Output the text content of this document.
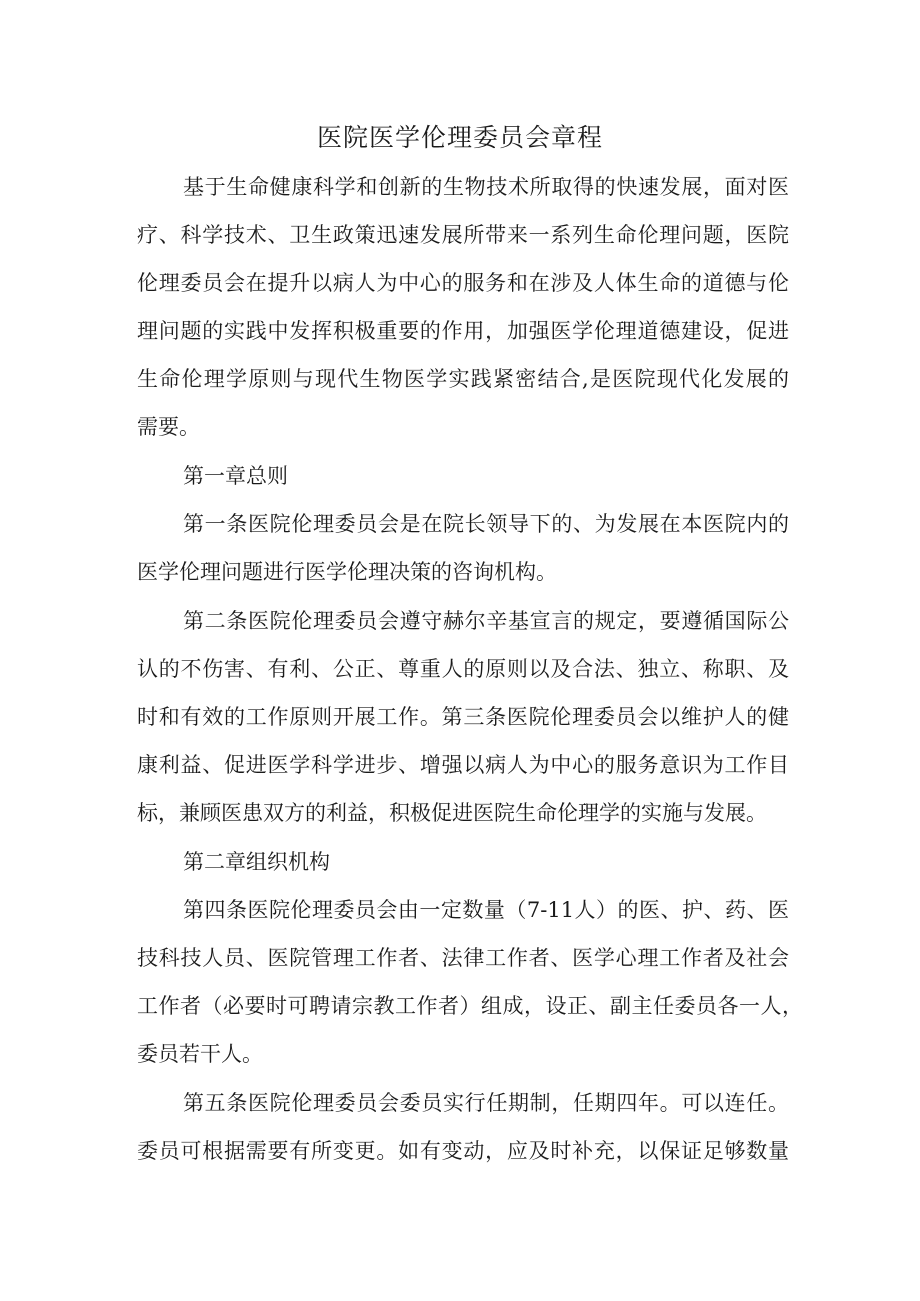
医院医学伦理委员会章程
基于生命健康科学和创新的生物技术所取得的快速发展，面对医
疗、科学技术、卫生政策迅速发展所带来一系列生命伦理问题，医院
伦理委员会在提升以病人为中心的服务和在涉及人体生命的道德与伦
理问题的实践中发挥积极重要的作用，加强医学伦理道德建设，促进
生命伦理学原则与现代生物医学实践紧密结合,是医院现代化发展的
需要。
第一章总则
第一条医院伦理委员会是在院长领导下的、为发展在本医院内的
医学伦理问题进行医学伦理决策的咨询机构。
第二条医院伦理委员会遵守赫尔辛基宣言的规定，要遵循国际公
认的不伤害、有利、公正、尊重人的原则以及合法、独立、称职、及
时和有效的工作原则开展工作。第三条医院伦理委员会以维护人的健
康利益、促进医学科学进步、增强以病人为中心的服务意识为工作目
标，兼顾医患双方的利益，积极促进医院生命伦理学的实施与发展。
第二章组织机构
第四条医院伦理委员会由一定数量（7-11人）的医、护、药、医
技科技人员、医院管理工作者、法律工作者、医学心理工作者及社会
工作者（必要时可聘请宗教工作者）组成，设正、副主任委员各一人，
委员若干人。
第五条医院伦理委员会委员实行任期制，任期四年。可以连任。
委员可根据需要有所变更。如有变动，应及时补充，以保证足够数量
